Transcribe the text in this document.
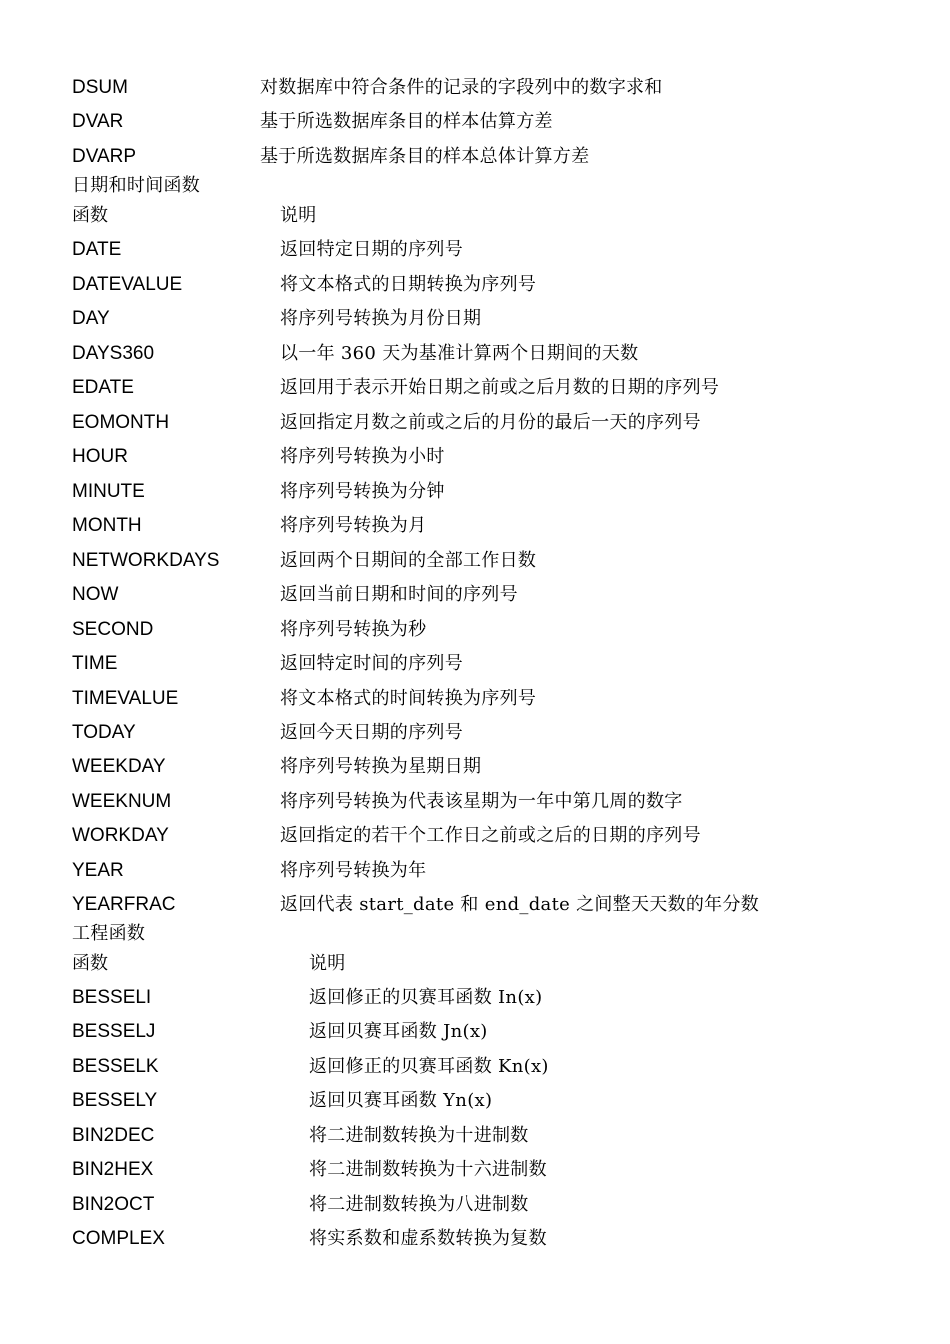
DSUM	对数据库中符合条件的记录的字段列中的数字求和
DVAR	基于所选数据库条目的样本估算方差
DVARP	基于所选数据库条目的样本总体计算方差
日期和时间函数
函数	说明
DATE	返回特定日期的序列号
DATEVALUE	将文本格式的日期转换为序列号
DAY	将序列号转换为月份日期
DAYS360	以一年 360 天为基准计算两个日期间的天数
EDATE	返回用于表示开始日期之前或之后月数的日期的序列号
EOMONTH	返回指定月数之前或之后的月份的最后一天的序列号
HOUR	将序列号转换为小时
MINUTE	将序列号转换为分钟
MONTH	将序列号转换为月
NETWORKDAYS	返回两个日期间的全部工作日数
NOW	返回当前日期和时间的序列号
SECOND	将序列号转换为秒
TIME	返回特定时间的序列号
TIMEVALUE	将文本格式的时间转换为序列号
TODAY	返回今天日期的序列号
WEEKDAY	将序列号转换为星期日期
WEEKNUM	将序列号转换为代表该星期为一年中第几周的数字
WORKDAY	返回指定的若干个工作日之前或之后的日期的序列号
YEAR	将序列号转换为年
YEARFRAC	返回代表 start_date 和 end_date 之间整天天数的年分数
工程函数
函数	说明
BESSELI	返回修正的贝赛耳函数 In(x)
BESSELJ	返回贝赛耳函数 Jn(x)
BESSELK	返回修正的贝赛耳函数 Kn(x)
BESSELY	返回贝赛耳函数 Yn(x)
BIN2DEC	将二进制数转换为十进制数
BIN2HEX	将二进制数转换为十六进制数
BIN2OCT	将二进制数转换为八进制数
COMPLEX	将实系数和虚系数转换为复数
